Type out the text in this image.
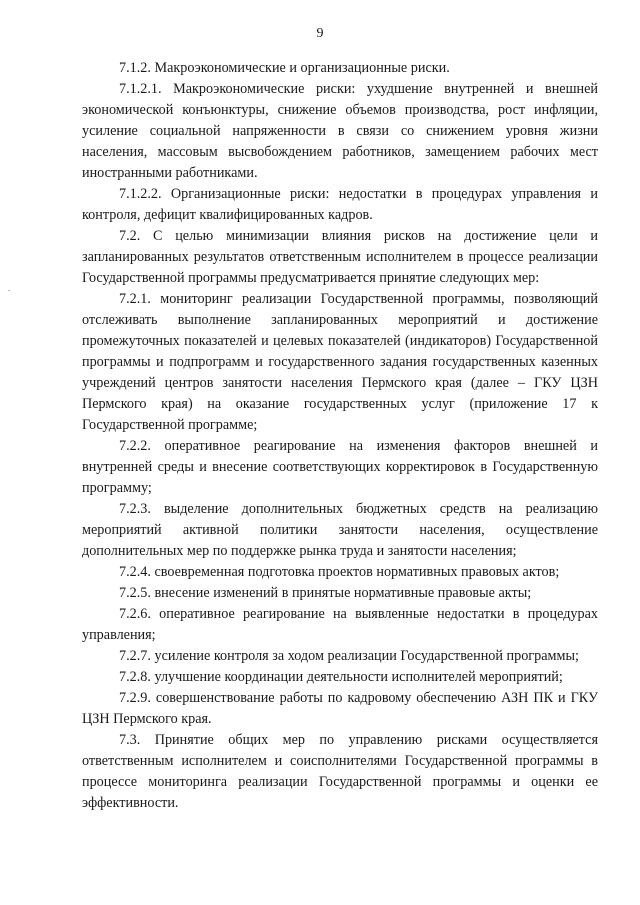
9

7.1.2. Макроэкономические и организационные риски.

7.1.2.1. Макроэкономические риски: ухудшение внутренней и внешней экономической конъюнктуры, снижение объемов производства, рост инфляции, усиление социальной напряженности в связи со снижением уровня жизни населения, массовым высвобождением работников, замещением рабочих мест иностранными работниками.

7.1.2.2. Организационные риски: недостатки в процедурах управления и контроля, дефицит квалифицированных кадров.

7.2. С целью минимизации влияния рисков на достижение цели и запланированных результатов ответственным исполнителем в процессе реализации Государственной программы предусматривается принятие следующих мер:

7.2.1. мониторинг реализации Государственной программы, позволяющий отслеживать выполнение запланированных мероприятий и достижение промежуточных показателей и целевых показателей (индикаторов) Государственной программы и подпрограмм и государственного задания государственных казенных учреждений центров занятости населения Пермского края (далее – ГКУ ЦЗН Пермского края) на оказание государственных услуг (приложение 17 к Государственной программе;

7.2.2. оперативное реагирование на изменения факторов внешней и внутренней среды и внесение соответствующих корректировок в Государственную программу;

7.2.3. выделение дополнительных бюджетных средств на реализацию мероприятий активной политики занятости населения, осуществление дополнительных мер по поддержке рынка труда и занятости населения;

7.2.4. своевременная подготовка проектов нормативных правовых актов;

7.2.5. внесение изменений в принятые нормативные правовые акты;

7.2.6. оперативное реагирование на выявленные недостатки в процедурах управления;

7.2.7. усиление контроля за ходом реализации Государственной программы;

7.2.8. улучшение координации деятельности исполнителей мероприятий;

7.2.9. совершенствование работы по кадровому обеспечению АЗН ПК и ГКУ ЦЗН Пермского края.

7.3. Принятие общих мер по управлению рисками осуществляется ответственным исполнителем и соисполнителями Государственной программы в процессе мониторинга реализации Государственной программы и оценки ее эффективности.
